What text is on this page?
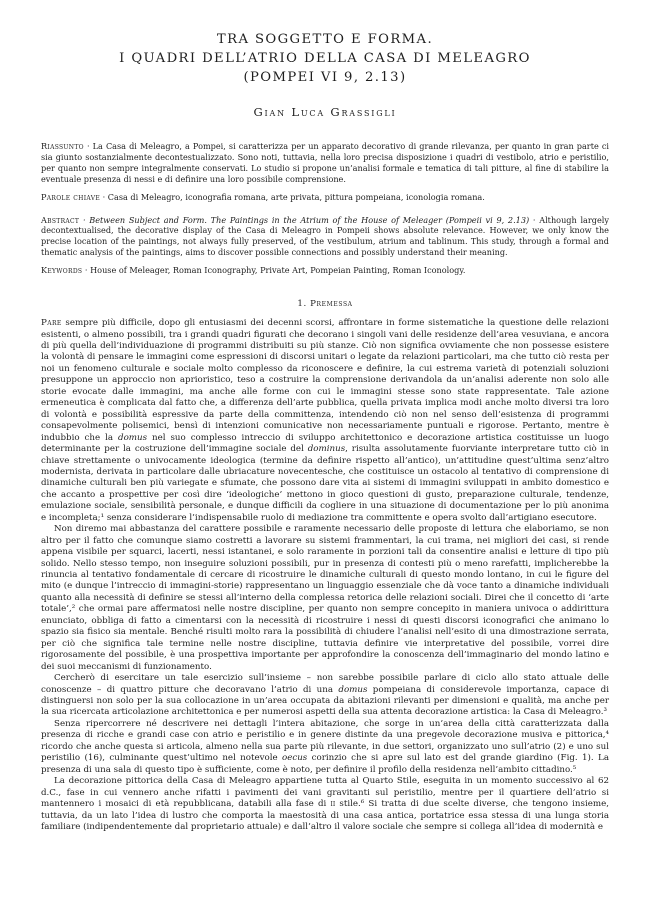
TRA SOGGETTO E FORMA.

I QUADRI DELL’ATRIO DELLA CASA DI MELEAGRO

(POMPEI VI 9, 2.13)

Gian Luca Grassigli

Riassunto · La Casa di Meleagro, a Pompei, si caratterizza per un apparato decorativo di grande rilevanza, per quanto in gran parte ci sia giunto sostanzialmente decontestualizzato. Sono noti, tuttavia, nella loro precisa disposizione i quadri di vestibolo, atrio e peristilio, per quanto non sempre integralmente conservati. Lo studio si propone un’analisi formale e tematica di tali pitture, al fine di stabilire la eventuale presenza di nessi e di definire una loro possibile comprensione.

Parole chiave · Casa di Meleagro, iconografia romana, arte privata, pittura pompeiana, iconologia romana.

Abstract · Between Subject and Form. The Paintings in the Atrium of the House of Meleager (Pompeii vi 9, 2.13) · Although largely decontextualised, the decorative display of the Casa di Meleagro in Pompeii shows absolute relevance. However, we only know the precise location of the paintings, not always fully preserved, of the vestibulum, atrium and tablinum. This study, through a formal and thematic analysis of the paintings, aims to discover possible connections and possibly understand their meaning.

Keywords · House of Meleager, Roman Iconography, Private Art, Pompeian Painting, Roman Iconology.

1. Premessa

Pare sempre più difficile, dopo gli entusiasmi dei decenni scorsi, affrontare in forme sistematiche la questione delle relazioni esistenti, o almeno possibili, tra i grandi quadri figurati che decorano i singoli vani delle residenze dell’area vesuviana, e ancora di più quella dell’individuazione di programmi distribuiti su più stanze. Ciò non significa ovviamente che non possesse esistere la volontà di pensare le immagini come espressioni di discorsi unitari o legate da relazioni particolari, ma che tutto ciò resta per noi un fenomeno culturale e sociale molto complesso da riconoscere e definire, la cui estrema varietà di potenziali soluzioni presuppone un approccio non aprioristico, teso a costruire la comprensione derivandola da un’analisi aderente non solo alle storie evocate dalle immagini, ma anche alle forme con cui le immagini stesse sono state rappresentate. Tale azione ermeneutica è complicata dal fatto che, a differenza dell’arte pubblica, quella privata implica modi anche molto diversi tra loro di volontà e possibilità espressive da parte della committenza, intendendo ciò non nel senso dell’esistenza di programmi consapevolmente polisemici, bensì di intenzioni comunicative non necessariamente puntuali e rigorose. Pertanto, mentre è indubbio che la domus nel suo complesso intreccio di sviluppo architettonico e decorazione artistica costituisse un luogo determinante per la costruzione dell’immagine sociale del dominus, risulta assolutamente fuorviante interpretare tutto ciò in chiave strettamente o univocamente ideologica (termine da definire rispetto all’antico), un’attitudine quest’ultima senz’altro modernista, derivata in particolare dalle ubriacature novecentesche, che costituisce un ostacolo al tentativo di comprensione di dinamiche culturali ben più variegate e sfumate, che possono dare vita ai sistemi di immagini sviluppati in ambito domestico e che accanto a prospettive per così dire ‘ideologiche’ mettono in gioco questioni di gusto, preparazione culturale, tendenze, emulazione sociale, sensibilità personale, e dunque difficili da cogliere in una situazione di documentazione per lo più anonima e incompleta;¹ senza considerare l’indispensabile ruolo di mediazione tra committente e opera svolto dall’artigiano esecutore.

Non diremo mai abbastanza del carattere possibile e raramente necessario delle proposte di lettura che elaboriamo, se non altro per il fatto che comunque siamo costretti a lavorare su sistemi frammentari, la cui trama, nei migliori dei casi, si rende appena visibile per squarci, lacerti, nessi istantanei, e solo raramente in porzioni tali da consentire analisi e letture di tipo più solido. Nello stesso tempo, non inseguire soluzioni possibili, pur in presenza di contesti più o meno rarefatti, implicherebbe la rinuncia al tentativo fondamentale di cercare di ricostruire le dinamiche culturali di questo mondo lontano, in cui le figure del mito (e dunque l’intreccio di immagini-storie) rappresentano un linguaggio essenziale che dà voce tanto a dinamiche individuali quanto alla necessità di definire se stessi all’interno della complessa retorica delle relazioni sociali. Direi che il concetto di ‘arte totale’,² che ormai pare affermatosi nelle nostre discipline, per quanto non sempre concepito in maniera univoca o addirittura enunciato, obbliga di fatto a cimentarsi con la necessità di ricostruire i nessi di questi discorsi iconografici che animano lo spazio sia fisico sia mentale. Benché risulti molto rara la possibilità di chiudere l’analisi nell’esito di una dimostrazione serrata, per ciò che significa tale termine nelle nostre discipline, tuttavia definire vie interpretative del possibile, vorrei dire rigorosamente del possibile, è una prospettiva importante per approfondire la conoscenza dell’immaginario del mondo latino e dei suoi meccanismi di funzionamento.

Cercherò di esercitare un tale esercizio sull’insieme – non sarebbe possibile parlare di ciclo allo stato attuale delle conoscenze – di quattro pitture che decoravano l’atrio di una domus pompeiana di considerevole importanza, capace di distinguersi non solo per la sua collocazione in un’area occupata da abitazioni rilevanti per dimensioni e qualità, ma anche per la sua ricercata articolazione architettonica e per numerosi aspetti della sua attenta decorazione artistica: la Casa di Meleagro.³

Senza ripercorrere né descrivere nei dettagli l’intera abitazione, che sorge in un’area della città caratterizzata dalla presenza di ricche e grandi case con atrio e peristilio e in genere distinte da una pregevole decorazione musiva e pittorica,⁴ ricordo che anche questa si articola, almeno nella sua parte più rilevante, in due settori, organizzato uno sull’atrio (2) e uno sul peristilio (16), culminante quest’ultimo nel notevole oecus corinzio che si apre sul lato est del grande giardino (Fig. 1). La presenza di una sala di questo tipo è sufficiente, come è noto, per definire il profilo della residenza nell’ambito cittadino.⁵

La decorazione pittorica della Casa di Meleagro appartiene tutta al Quarto Stile, eseguita in un momento successivo al 62 d.C., fase in cui vennero anche rifatti i pavimenti dei vani gravitanti sul peristilio, mentre per il quartiere dell’atrio si mantennero i mosaici di età repubblicana, databili alla fase di ii stile.⁶ Si tratta di due scelte diverse, che tengono insieme, tuttavia, da un lato l’idea di lustro che comporta la maestosità di una casa antica, portatrice essa stessa di una lunga storia familiare (indipendentemente dal proprietario attuale) e dall’altro il valore sociale che sempre si collega all’idea di modernità e
